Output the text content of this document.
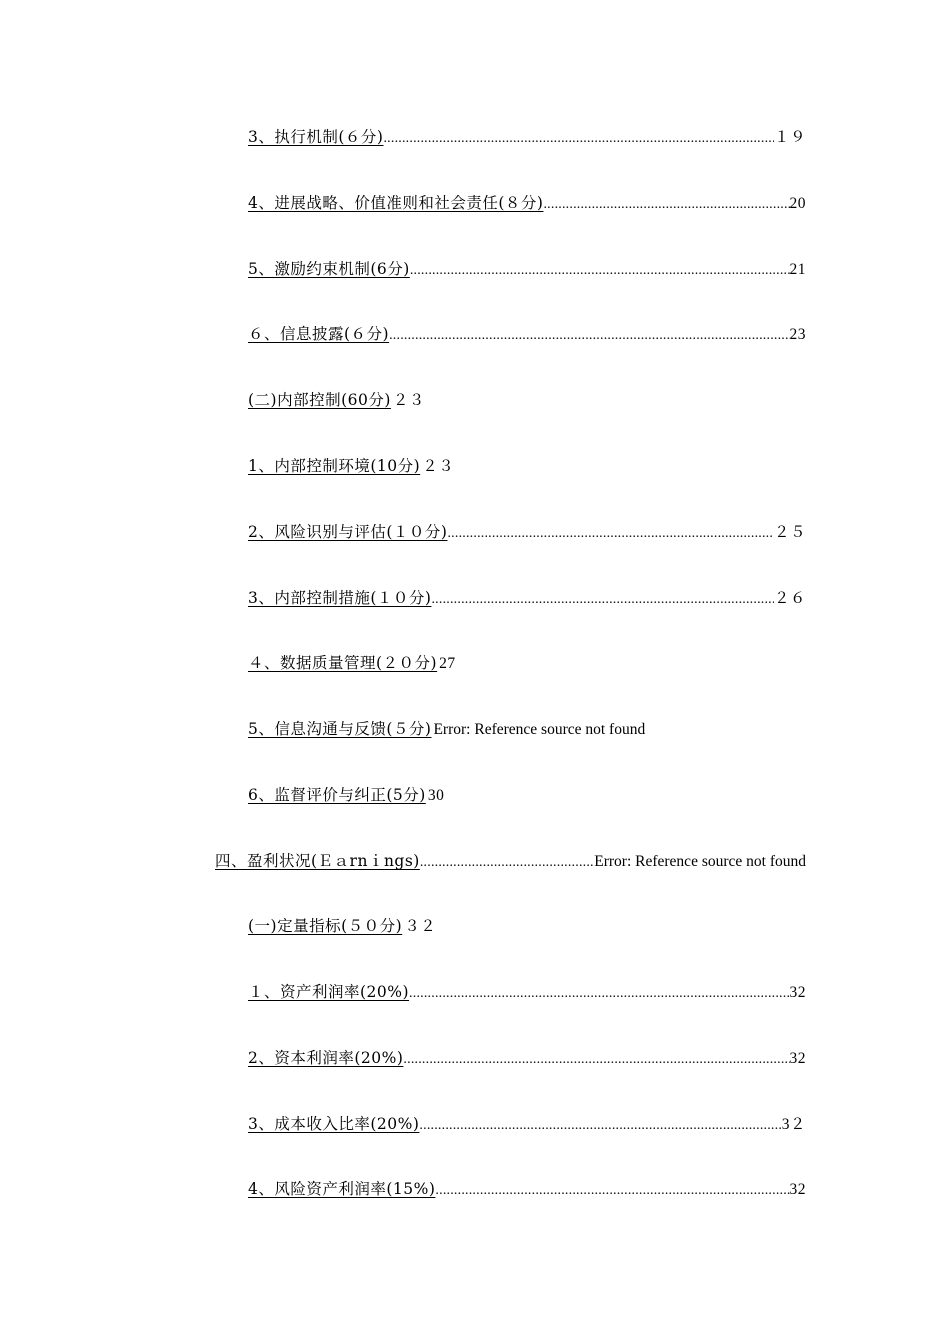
3、执行机制(６分) .....	１９
4、进展战略、价值准则和社会责任(８分) .....	20
5、激励约束机制(6分) .....	21
６、信息披露(６分) .....	23
(二)内部控制(60分) ２３
1、内部控制环境(10分) ２３
2、风险识别与评估(１０分) .....	２５
3、内部控制措施(１０分) .....	２６
４、数据质量管理(２０分) 27
5、信息沟通与反馈(５分) Error: Reference source not found
6、监督评价与纠正(5分) 30
四、盈利状况(Ｅａrnｉngs) .....	Error: Reference source not found
(一)定量指标(５０分) ３２
１、资产利润率(20%) .....	32
2、资本利润率(20%) .....	32
3、成本收入比率(20%) .....	3２
4、风险资产利润率(15%) .....	32
